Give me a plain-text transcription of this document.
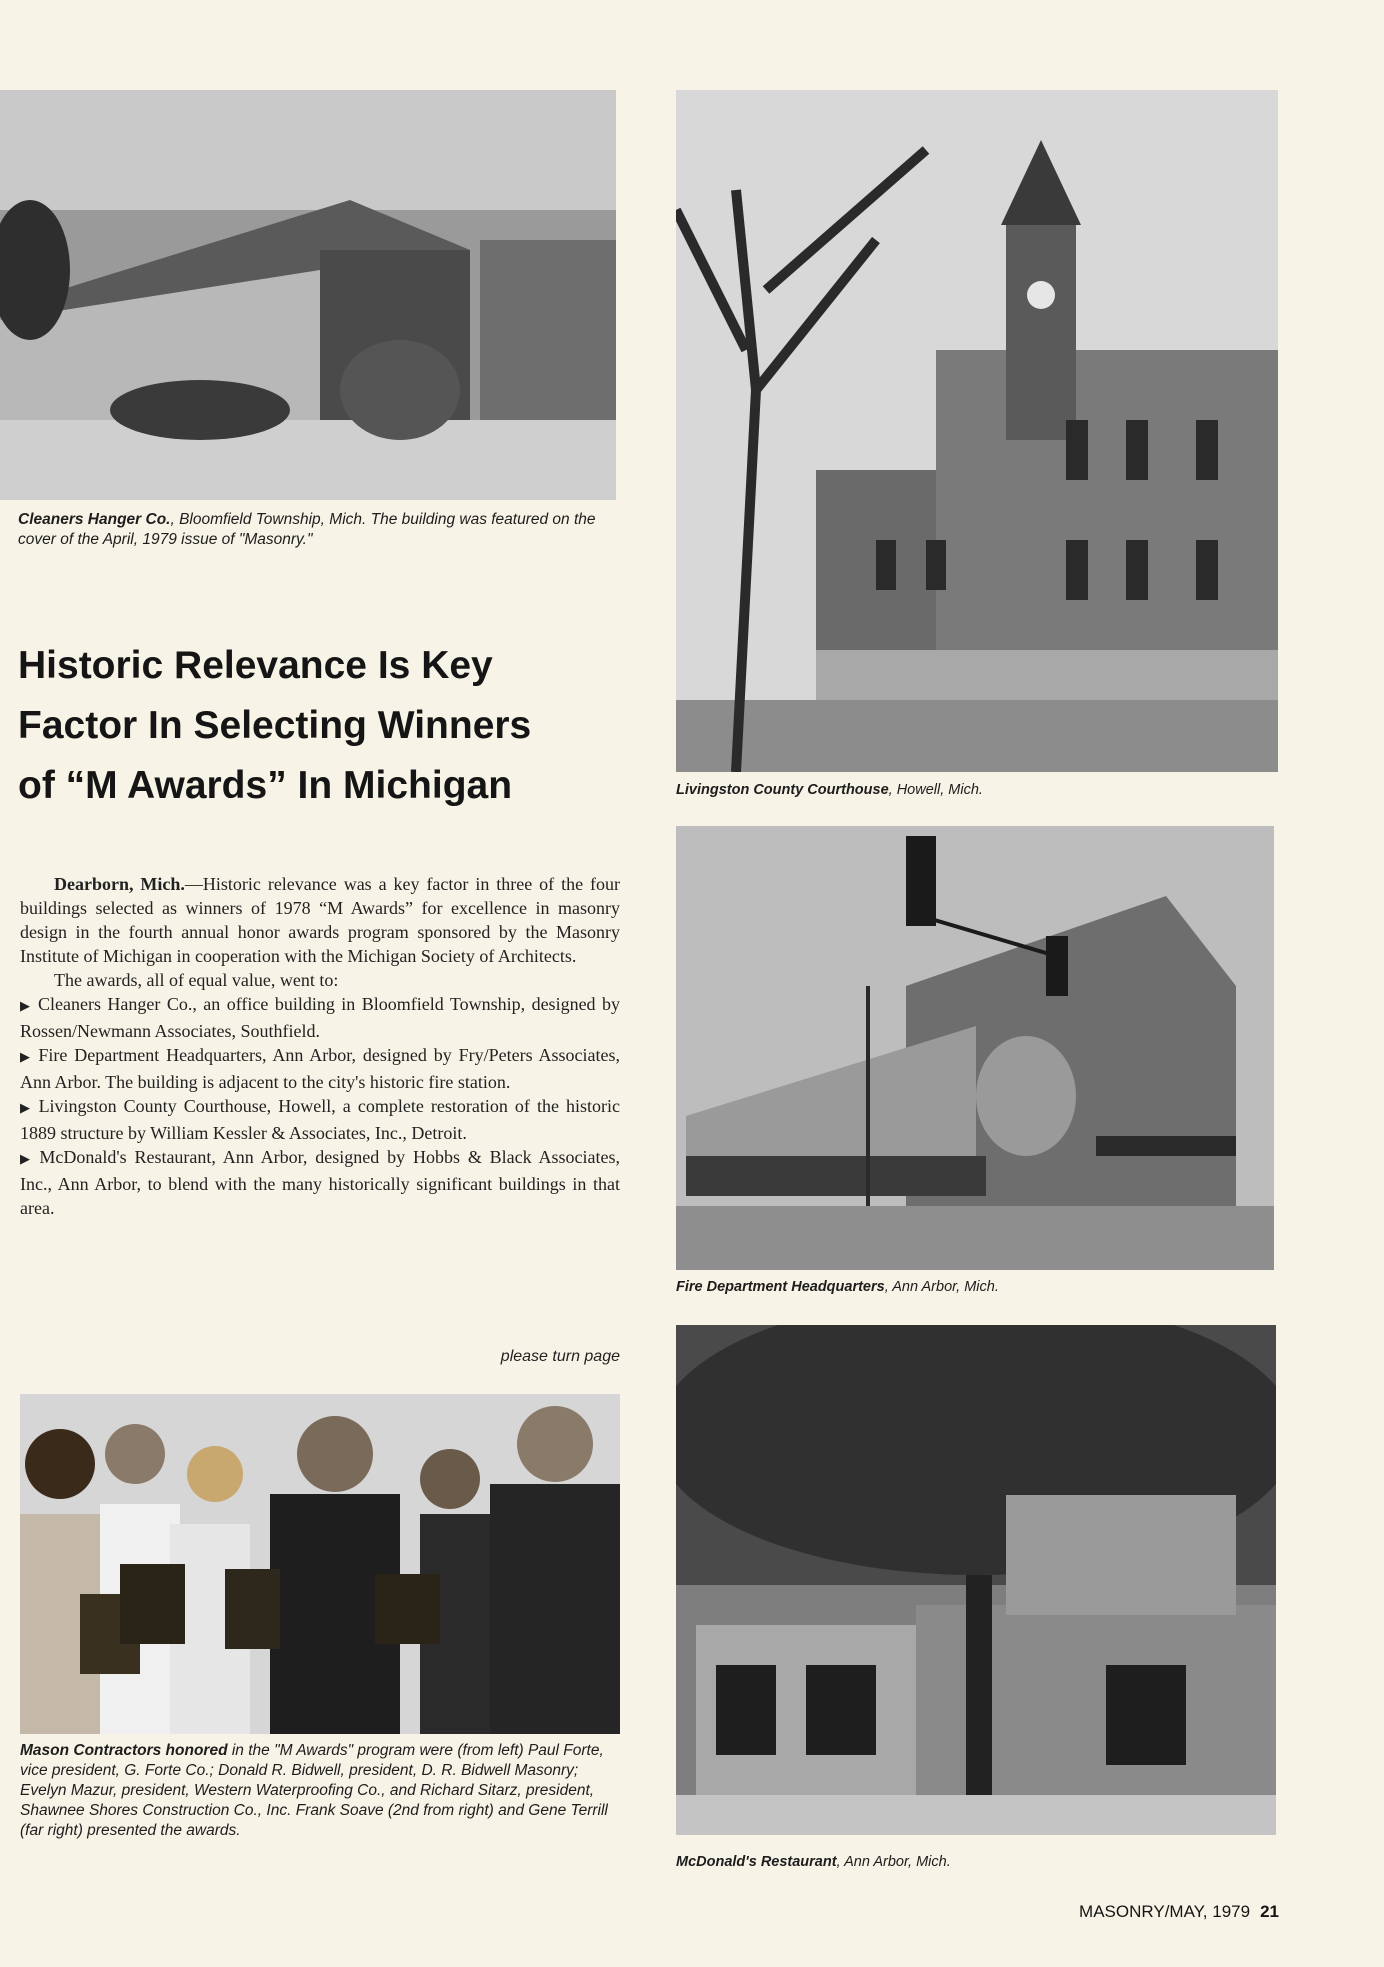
Cleaners Hanger Co., Bloomfield Township, Mich. The building was featured on the cover of the April, 1979 issue of "Masonry."
Historic Relevance Is Key
Factor In Selecting Winners
of “M Awards” In Michigan

Dearborn, Mich.—Historic relevance was a key factor in three of the four buildings selected as winners of 1978 “M Awards” for excellence in masonry design in the fourth annual honor awards program sponsored by the Masonry Institute of Michigan in cooperation with the Michigan Society of Architects.

The awards, all of equal value, went to:

▶ Cleaners Hanger Co., an office building in Bloomfield Township, designed by Rossen/Newmann Associates, Southfield.

▶ Fire Department Headquarters, Ann Arbor, designed by Fry/Peters Associates, Ann Arbor. The building is adjacent to the city's historic fire station.

▶ Livingston County Courthouse, Howell, a complete restoration of the historic 1889 structure by William Kessler & Associates, Inc., Detroit.

▶ McDonald's Restaurant, Ann Arbor, designed by Hobbs & Black Associates, Inc., Ann Arbor, to blend with the many historically significant buildings in that area.

please turn page
Mason Contractors honored in the "M Awards" program were (from left) Paul Forte, vice president, G. Forte Co.; Donald R. Bidwell, president, D. R. Bidwell Masonry; Evelyn Mazur, president, Western Waterproofing Co., and Richard Sitarz, president, Shawnee Shores Construction Co., Inc. Frank Soave (2nd from right) and Gene Terrill (far right) presented the awards.
Livingston County Courthouse, Howell, Mich.
Fire Department Headquarters, Ann Arbor, Mich.
McDonald's Restaurant, Ann Arbor, Mich.
MASONRY/MAY, 1979 21
